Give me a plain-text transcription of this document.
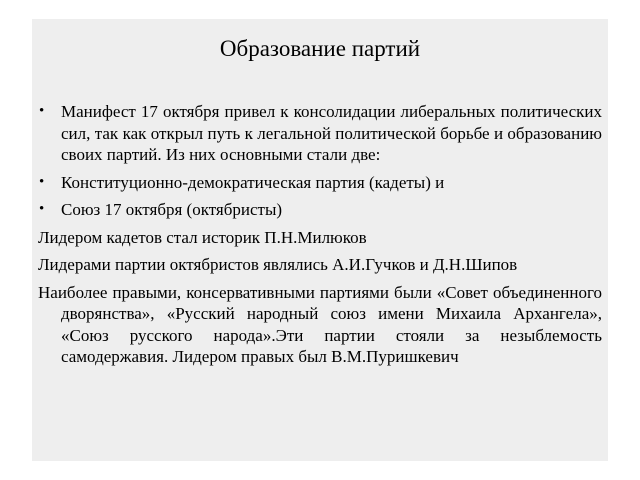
Образование партий
• Манифест 17 октября привел к консолидации либеральных политических сил, так как открыл путь к легальной политической борьбе и образованию своих партий. Из них основными стали две:
• Конституционно-демократическая партия (кадеты) и
• Союз 17 октября (октябристы)
Лидером кадетов стал историк П.Н.Милюков
Лидерами партии октябристов являлись А.И.Гучков и Д.Н.Шипов
Наиболее правыми, консервативными партиями были «Совет объединенного дворянства», «Русский народный союз имени Михаила Архангела», «Союз русского народа».Эти партии стояли за незыблемость самодержавия. Лидером правых был В.М.Пуришкевич
